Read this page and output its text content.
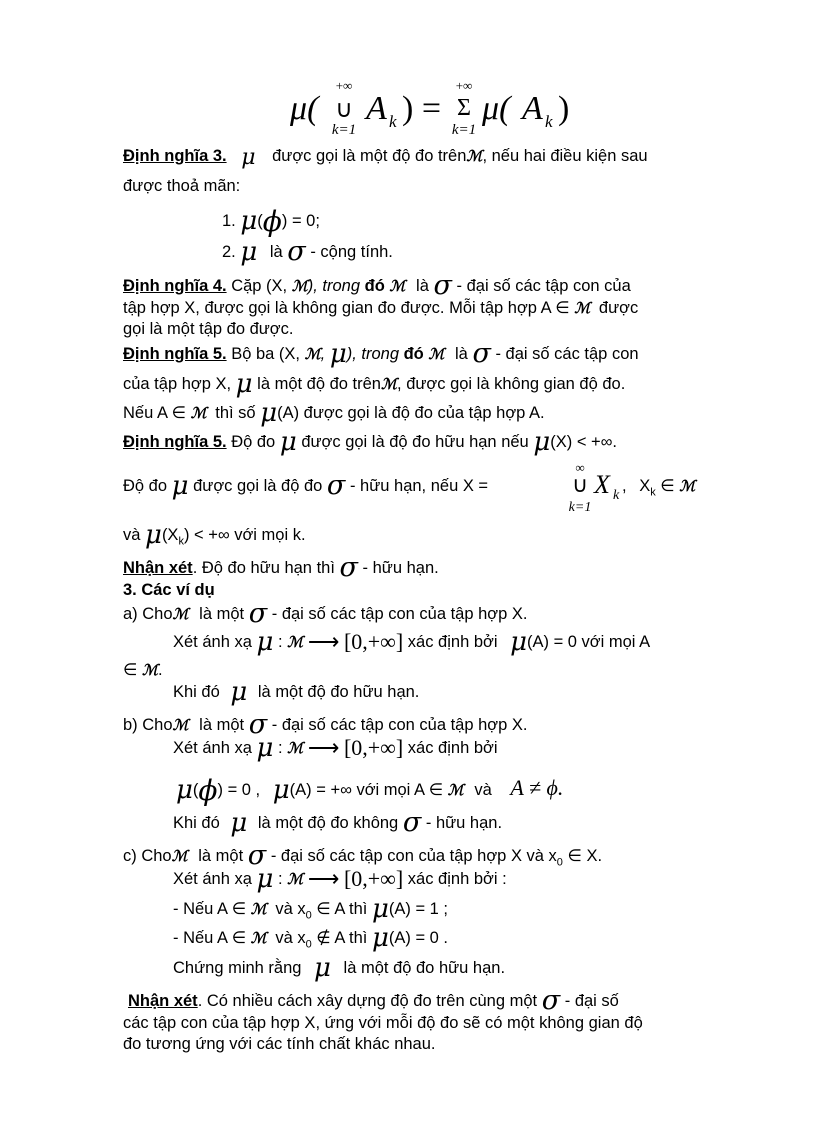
μ(
+∞
∪
k=1
A k ) =
+∞
Σ
k=1
μ( A k )
Định nghĩa 3. μ được gọi là một độ đo trênℳ, nếu hai điều kiện sau
được thoả mãn:
1. μ(ϕ) = 0;
2. μ là σ - cộng tính.
Định nghĩa 4. Cặp (X, ℳ), trong đó ℳ là σ - đại số các tập con của
tập hợp X, được gọi là không gian đo được. Mỗi tập hợp A ∈ ℳ được
gọi là một tập đo được.
Định nghĩa 5. Bộ ba (X, ℳ, μ), trong đó ℳ là σ - đại số các tập con
của tập hợp X, μ là một độ đo trênℳ, được gọi là không gian độ đo.
Nếu A ∈ ℳ thì số μ(A) được gọi là độ đo của tập hợp A.
Định nghĩa 5. Độ đo μ được gọi là độ đo hữu hạn nếu μ(X) < +∞.
Độ đo μ được gọi là độ đo σ - hữu hạn, nếu X =
∞
∪
k=1
X k
, $X_k$ ∈ ℳ
và $\mu(X_k)$ < +∞ với mọi k.
Nhận xét. Độ đo hữu hạn thì σ - hữu hạn.
3. Các ví dụ
a) Choℳ là một σ - đại số các tập con của tập hợp X.
Xét ánh xạ μ : ℳ ⟶ [0,+∞] xác định bởi μ(A) = 0 với mọi A
∈ ℳ.
Khi đó μ là một độ đo hữu hạn.
b) Choℳ là một σ - đại số các tập con của tập hợp X.
Xét ánh xạ μ : ℳ ⟶ [0,+∞] xác định bởi
μ(ϕ) = 0 , μ(A) = +∞ với mọi A ∈ ℳ và A ≠ ϕ.
Khi đó μ là một độ đo không σ - hữu hạn.
c) Choℳ là một σ - đại số các tập con của tập hợp X và $x_0$ ∈ X.
Xét ánh xạ μ : ℳ ⟶ [0,+∞] xác định bởi :
- Nếu A ∈ ℳ và $x_0$ ∈ A thì μ(A) = 1 ;
- Nếu A ∈ ℳ và $x_0$ ∉ A thì μ(A) = 0 .
Chứng minh rằng μ là một độ đo hữu hạn.
Nhận xét. Có nhiều cách xây dựng độ đo trên cùng một σ - đại số
các tập con của tập hợp X, ứng với mỗi độ đo sẽ có một không gian độ
đo tương ứng với các tính chất khác nhau.
